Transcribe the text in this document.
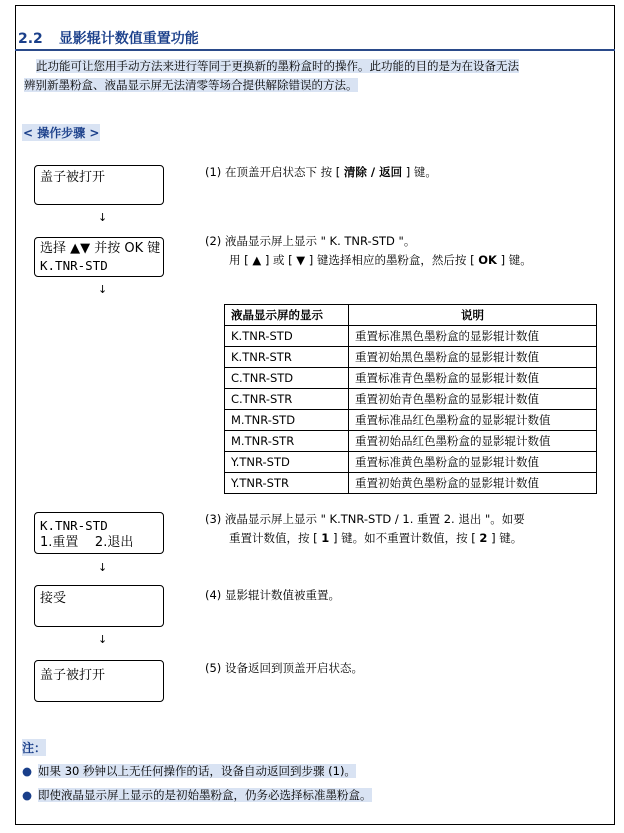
2.2 显影辊计数值重置功能
此功能可让您用手动方法来进行等同于更换新的墨粉盒时的操作。此功能的目的是为在设备无法
辨别新墨粉盒、液晶显示屏无法清零等场合提供解除错误的方法。
< 操作步骤 >
盖子被打开
↓
选择 ▲▼ 并按 OK 键
K.TNR-STD
↓
K.TNR-STD
1.重置    2.退出
↓
接受
↓
盖子被打开
(1) 在顶盖开启状态下 按 [ 清除 / 返回 ] 键。
(2) 液晶显示屏上显示 " K. TNR-STD "。
用 [ ▲ ] 或 [ ▼ ] 键选择相应的墨粉盒，然后按 [ OK ] 键。
液晶显示屏的显示	说明
K.TNR-STD	重置标准黑色墨粉盒的显影辊计数值
K.TNR-STR	重置初始黑色墨粉盒的显影辊计数值
C.TNR-STD	重置标准青色墨粉盒的显影辊计数值
C.TNR-STR	重置初始青色墨粉盒的显影辊计数值
M.TNR-STD	重置标准品红色墨粉盒的显影辊计数值
M.TNR-STR	重置初始品红色墨粉盒的显影辊计数值
Y.TNR-STD	重置标准黄色墨粉盒的显影辊计数值
Y.TNR-STR	重置初始黄色墨粉盒的显影辊计数值
(3) 液晶显示屏上显示 " K.TNR-STD / 1. 重置 2. 退出 "。如要
重置计数值，按 [ 1 ] 键。如不重置计数值，按 [ 2 ] 键。
(4) 显影辊计数值被重置。
(5) 设备返回到顶盖开启状态。
注：
● 如果 30 秒钟以上无任何操作的话，设备自动返回到步骤 (1)。
● 即使液晶显示屏上显示的是初始墨粉盒，仍务必选择标准墨粉盒。
